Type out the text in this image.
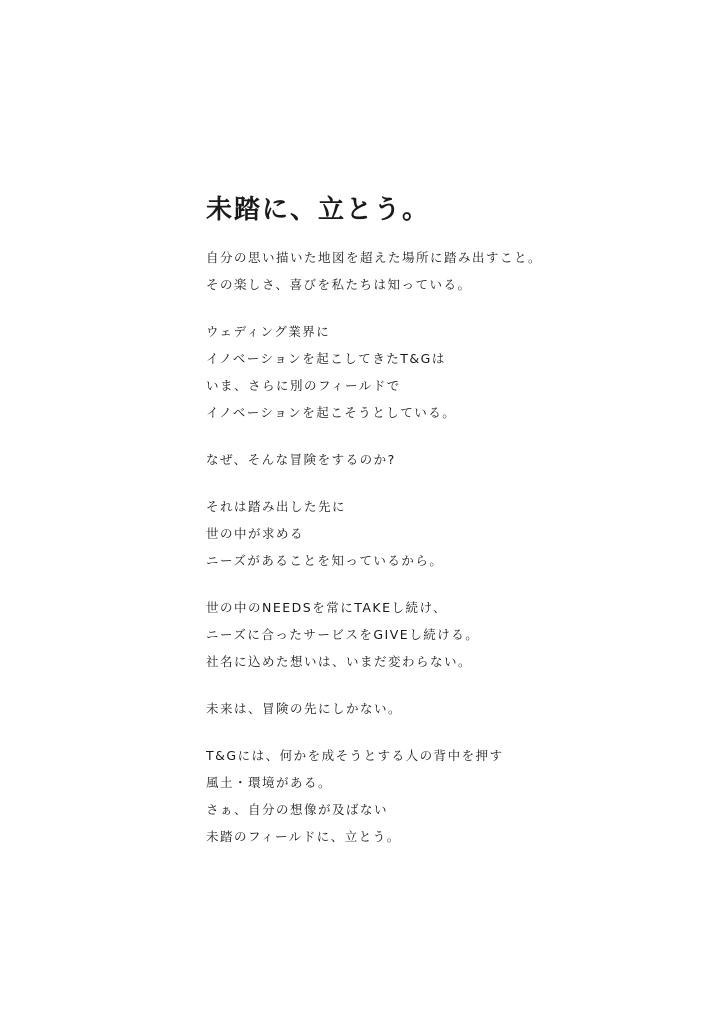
未踏に、立とう。
自分の思い描いた地図を超えた場所に踏み出すこと。
その楽しさ、喜びを私たちは知っている。
ウェディング業界に
イノベーションを起こしてきたT&Gは
いま、さらに別のフィールドで
イノベーションを起こそうとしている。
なぜ、そんな冒険をするのか?
それは踏み出した先に
世の中が求める
ニーズがあることを知っているから。
世の中のNEEDSを常にTAKEし続け、
ニーズに合ったサービスをGIVEし続ける。
社名に込めた想いは、いまだ変わらない。
未来は、冒険の先にしかない。
T&Gには、何かを成そうとする人の背中を押す
風土・環境がある。
さぁ、自分の想像が及ばない
未踏のフィールドに、立とう。
